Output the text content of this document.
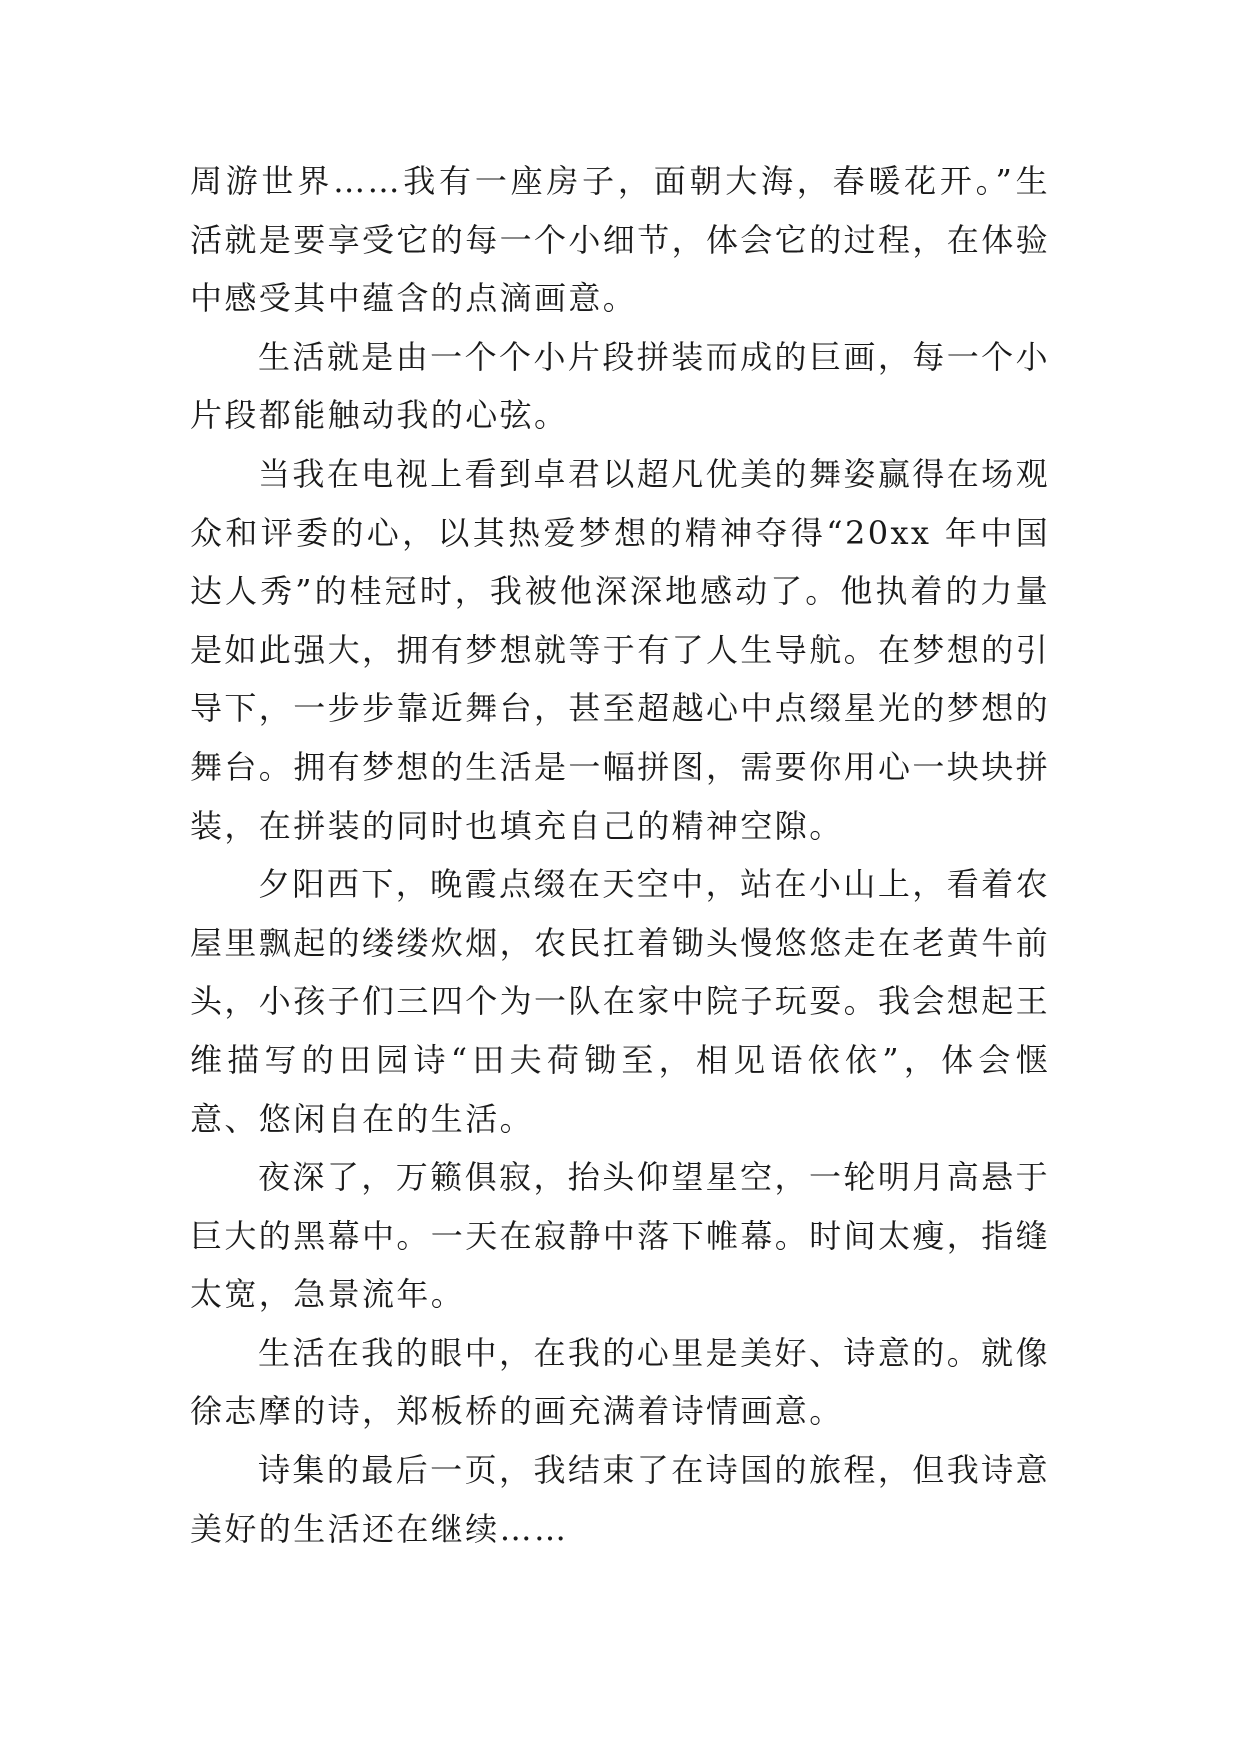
周游世界……我有一座房子，面朝大海，春暖花开。”生活就是要享受它的每一个小细节，体会它的过程，在体验中感受其中蕴含的点滴画意。

生活就是由一个个小片段拼装而成的巨画，每一个小片段都能触动我的心弦。

当我在电视上看到卓君以超凡优美的舞姿赢得在场观众和评委的心，以其热爱梦想的精神夺得“20xx 年中国达人秀”的桂冠时，我被他深深地感动了。他执着的力量是如此强大，拥有梦想就等于有了人生导航。在梦想的引导下，一步步靠近舞台，甚至超越心中点缀星光的梦想的舞台。拥有梦想的生活是一幅拼图，需要你用心一块块拼装，在拼装的同时也填充自己的精神空隙。

夕阳西下，晚霞点缀在天空中，站在小山上，看着农屋里飘起的缕缕炊烟，农民扛着锄头慢悠悠走在老黄牛前头，小孩子们三四个为一队在家中院子玩耍。我会想起王维描写的田园诗“田夫荷锄至，相见语依依”，体会惬意、悠闲自在的生活。

夜深了，万籁俱寂，抬头仰望星空，一轮明月高悬于巨大的黑幕中。一天在寂静中落下帷幕。时间太瘦，指缝太宽，急景流年。

生活在我的眼中，在我的心里是美好、诗意的。就像徐志摩的诗，郑板桥的画充满着诗情画意。

诗集的最后一页，我结束了在诗国的旅程，但我诗意美好的生活还在继续……
